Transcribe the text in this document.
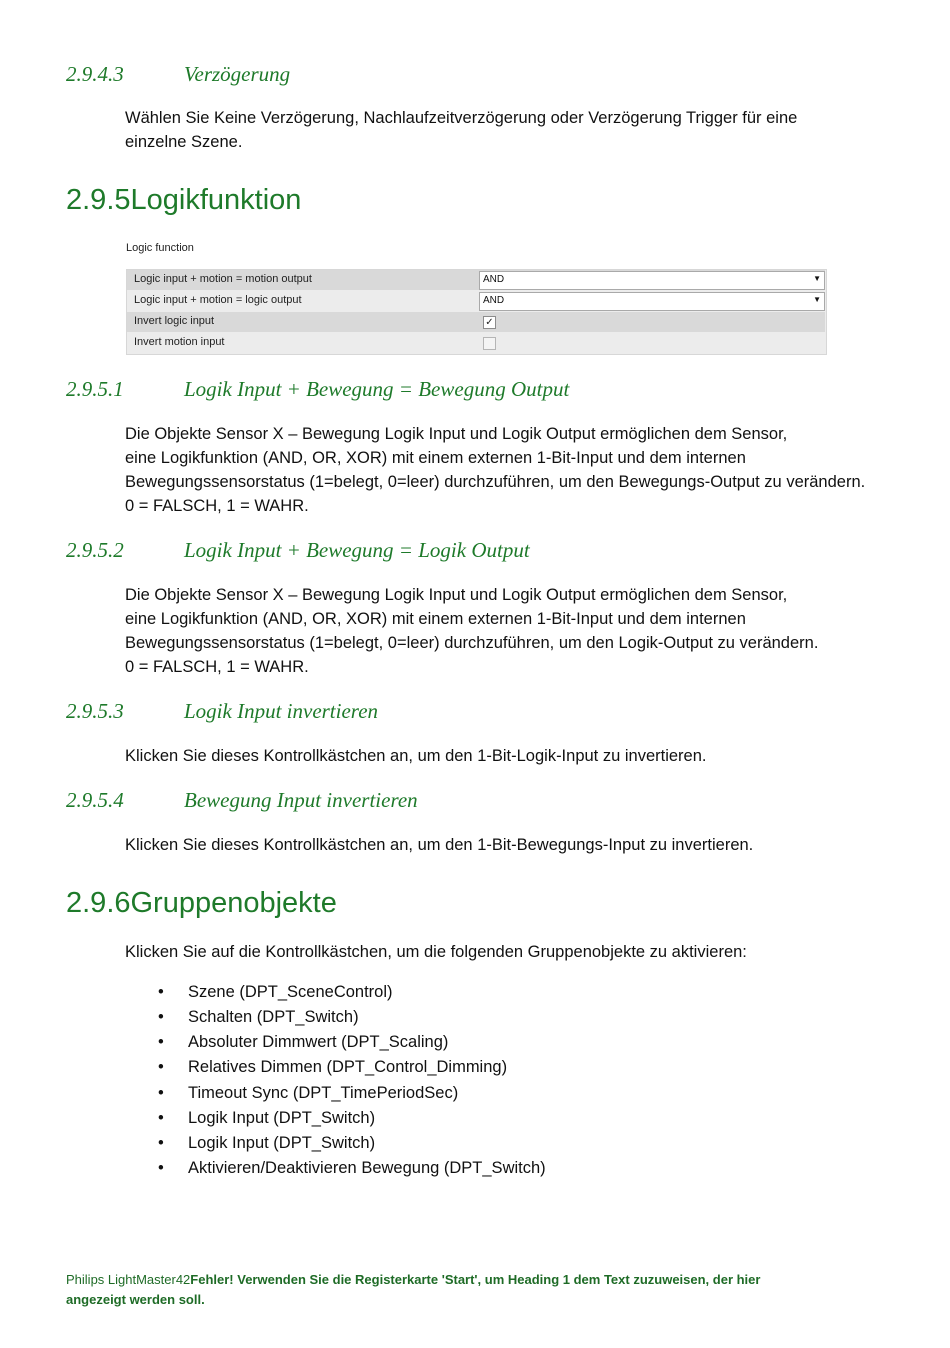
2.9.4.3	Verzögerung

Wählen Sie Keine Verzögerung, Nachlaufzeitverzögerung oder Verzögerung Trigger für eine

einzelne Szene.

2.9.5Logikfunktion
Logic function
Logic input + motion = motion output	AND	▼
Logic input + motion = logic output	AND	▼
Invert logic input	✓
Invert motion input
2.9.5.1	Logik Input + Bewegung = Bewegung Output

Die Objekte Sensor X – Bewegung Logik Input und Logik Output ermöglichen dem Sensor,

eine Logikfunktion (AND, OR, XOR) mit einem externen 1-Bit-Input und dem internen

Bewegungssensorstatus (1=belegt, 0=leer) durchzuführen, um den Bewegungs-Output zu verändern.

0 = FALSCH, 1 = WAHR.

2.9.5.2	Logik Input + Bewegung = Logik Output

Die Objekte Sensor X – Bewegung Logik Input und Logik Output ermöglichen dem Sensor,

eine Logikfunktion (AND, OR, XOR) mit einem externen 1-Bit-Input und dem internen

Bewegungssensorstatus (1=belegt, 0=leer) durchzuführen, um den Logik-Output zu verändern.

0 = FALSCH, 1 = WAHR.

2.9.5.3	Logik Input invertieren

Klicken Sie dieses Kontrollkästchen an, um den 1-Bit-Logik-Input zu invertieren.

2.9.5.4	Bewegung Input invertieren

Klicken Sie dieses Kontrollkästchen an, um den 1-Bit-Bewegungs-Input zu invertieren.

2.9.6Gruppenobjekte

Klicken Sie auf die Kontrollkästchen, um die folgenden Gruppenobjekte zu aktivieren:

• Szene (DPT_SceneControl)
• Schalten (DPT_Switch)
• Absoluter Dimmwert (DPT_Scaling)
• Relatives Dimmen (DPT_Control_Dimming)
• Timeout Sync (DPT_TimePeriodSec)
• Logik Input (DPT_Switch)
• Logik Input (DPT_Switch)
• Aktivieren/Deaktivieren Bewegung (DPT_Switch)
Philips LightMaster42Fehler! Verwenden Sie die Registerkarte 'Start', um Heading 1 dem Text zuzuweisen, der hier
angezeigt werden soll.
